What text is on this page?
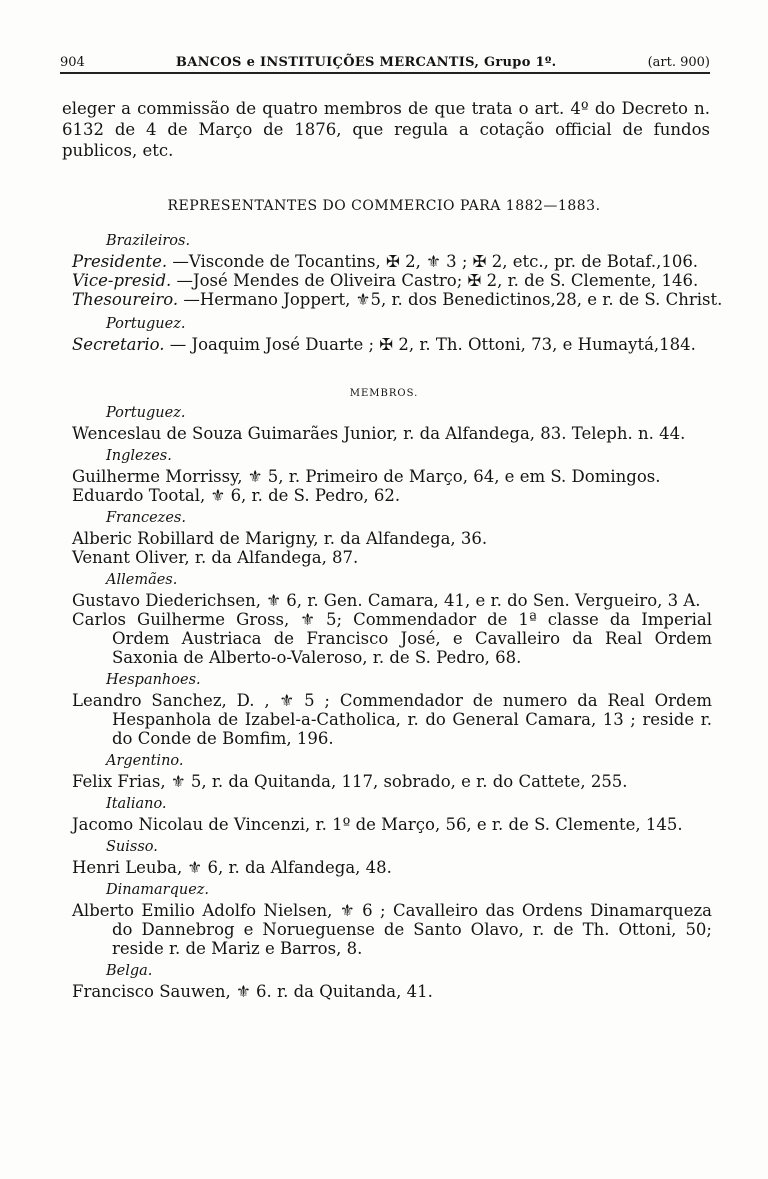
904	BANCOS e INSTITUIÇÕES MERCANTIS, Grupo 1º.	(art. 900)
eleger a commissão de quatro membros de que trata o art. 4º do Decreto n. 6132 de 4 de Março de 1876, que regula a cotação official de fundos publicos, etc.
REPRESENTANTES DO COMMERCIO PARA 1882—1883.
Brazileiros.
Presidente. —Visconde de Tocantins, ✠ 2, ⚜ 3 ; ✠ 2, etc., pr. de Botaf.,106.
Vice-presid. —José Mendes de Oliveira Castro; ✠ 2, r. de S. Clemente, 146.
Thesoureiro. —Hermano Joppert, ⚜5, r. dos Benedictinos,28, e r. de S. Christ.
Portuguez.
Secretario. — Joaquim José Duarte ; ✠ 2, r. Th. Ottoni, 73, e Humaytá,184.
MEMBROS.
Portuguez.
Wenceslau de Souza Guimarães Junior, r. da Alfandega, 83. Teleph. n. 44.
Inglezes.
Guilherme Morrissy, ⚜ 5, r. Primeiro de Março, 64, e em S. Domingos.
Eduardo Tootal, ⚜ 6, r. de S. Pedro, 62.
Francezes.
Alberic Robillard de Marigny, r. da Alfandega, 36.
Venant Oliver, r. da Alfandega, 87.
Allemães.
Gustavo Diederichsen, ⚜ 6, r. Gen. Camara, 41, e r. do Sen. Vergueiro, 3 A.
Carlos Guilherme Gross, ⚜ 5; Commendador de 1ª classe da Imperial Ordem Austriaca de Francisco José, e Cavalleiro da Real Ordem Saxonia de Alberto-o-Valeroso, r. de S. Pedro, 68.
Hespanhoes.
Leandro Sanchez, D. , ⚜ 5 ; Commendador de numero da Real Ordem Hespanhola de Izabel-a-Catholica, r. do General Camara, 13 ; reside r. do Conde de Bomfim, 196.
Argentino.
Felix Frias, ⚜ 5, r. da Quitanda, 117, sobrado, e r. do Cattete, 255.
Italiano.
Jacomo Nicolau de Vincenzi, r. 1º de Março, 56, e r. de S. Clemente, 145.
Suisso.
Henri Leuba, ⚜ 6, r. da Alfandega, 48.
Dinamarquez.
Alberto Emilio Adolfo Nielsen, ⚜ 6 ; Cavalleiro das Ordens Dinamarqueza do Dannebrog e Norueguense de Santo Olavo, r. de Th. Ottoni, 50; reside r. de Mariz e Barros, 8.
Belga.
Francisco Sauwen, ⚜ 6. r. da Quitanda, 41.
